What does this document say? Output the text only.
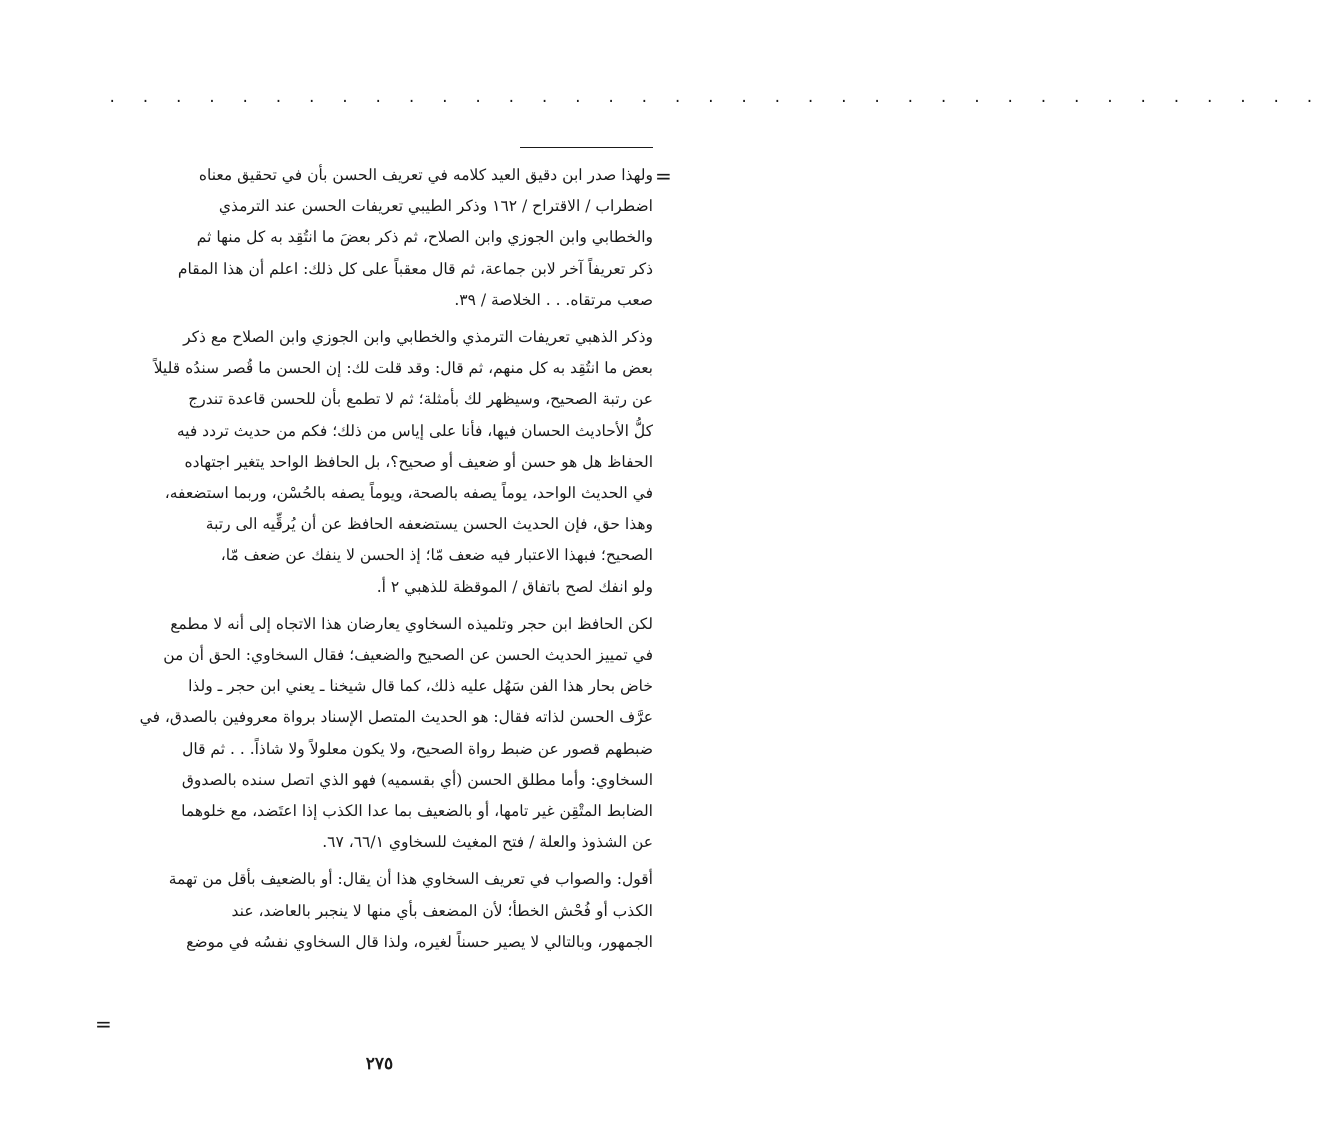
. . . . . . . . . . . . . . . . . . . . . . . . . . . . . . . . . . . . .
=

ولهذا صدر ابن دقيق العيد كلامه في تعريف الحسن بأن في تحقيق معناه
اضطراب / الاقتراح / ١٦٢ وذكر الطيبي تعريفات الحسن عند الترمذي
والخطابي وابن الجوزي وابن الصلاح، ثم ذكر بعضَ ما انتُقِد به كل منها ثم
ذكر تعريفاً آخر لابن جماعة، ثم قال معقباً على كل ذلك: اعلم أن هذا المقام
صعب مرتقاه. . . الخلاصة / ٣٩.

وذكر الذهبي تعريفات الترمذي والخطابي وابن الجوزي وابن الصلاح مع ذكر
بعض ما انتُقِد به كل منهم، ثم قال: وقد قلت لك: إن الحسن ما قُصر سندُه قليلاً
عن رتبة الصحيح، وسيظهر لك بأمثلة؛ ثم لا تطمع بأن للحسن قاعدة تندرج
كلُّ الأحاديث الحسان فيها، فأنا على إياس من ذلك؛ فكم من حديث تردد فيه
الحفاظ هل هو حسن أو ضعيف أو صحيح؟، بل الحافظ الواحد يتغير اجتهاده
في الحديث الواحد، يوماً يصفه بالصحة، ويوماً يصفه بالحُسْن، وربما استضعفه،
وهذا حق، فإن الحديث الحسن يستضعفه الحافظ عن أن يُرقِّيه الى رتبة
الصحيح؛ فبهذا الاعتبار فيه ضعف مّا؛ إذ الحسن لا ينفك عن ضعف مّا،
ولو انفك لصح باتفاق / الموقظة للذهبي ٢ أ.

لكن الحافظ ابن حجر وتلميذه السخاوي يعارضان هذا الاتجاه إلى أنه لا مطمع
في تمييز الحديث الحسن عن الصحيح والضعيف؛ فقال السخاوي: الحق أن من
خاض بحار هذا الفن سَهُل عليه ذلك، كما قال شيخنا ـ يعني ابن حجر ـ ولذا
عرَّف الحسن لذاته فقال: هو الحديث المتصل الإسناد برواة معروفين بالصدق، في
ضبطهم قصور عن ضبط رواة الصحيح، ولا يكون معلولاً ولا شاذاً. . . ثم قال
السخاوي: وأما مطلق الحسن (أي بقسميه) فهو الذي اتصل سنده بالصدوق
الضابط المتْقِن غير تامها، أو بالضعيف بما عدا الكذب إذا اعتَضد، مع خلوهما
عن الشذوذ والعلة / فتح المغيث للسخاوي ٦٦/١، ٦٧.

أقول: والصواب في تعريف السخاوي هذا أن يقال: أو بالضعيف بأقل من تهمة
الكذب أو فُحْش الخطأ؛ لأن المضعف بأي منها لا ينجبر بالعاضد، عند
الجمهور، وبالتالي لا يصير حسناً لغيره، ولذا قال السخاوي نفسُه في موضع

=
٢٧٥
